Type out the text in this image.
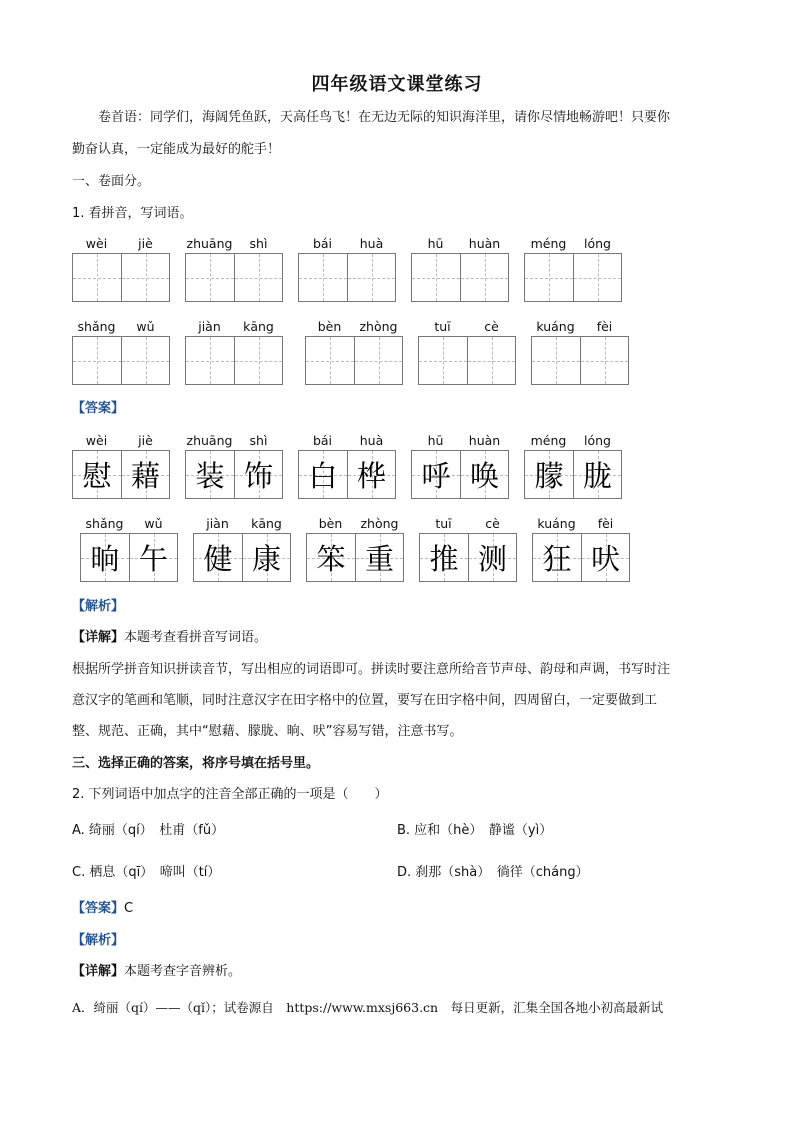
四年级语文课堂练习
卷首语：同学们，海阔凭鱼跃，天高任鸟飞！在无边无际的知识海洋里，请你尽情地畅游吧！只要你
勤奋认真，一定能成为最好的舵手！
一、卷面分。
1. 看拼音，写词语。
wèi	jiè	zhuāng	shì	bái	huà	hū	huàn	méng	lóng
shǎng	wǔ	jiàn	kāng	bèn	zhòng	tuī	cè	kuáng	fèi
【答案】
wèi	jiè
慰 藉
zhuāng	shì
装 饰
bái	huà
白 桦
hū	huàn
呼 唤
méng	lóng
朦 胧
shǎng	wǔ
晌 午
jiàn	kāng
健 康
bèn	zhòng
笨 重
tuī	cè
推 测
kuáng	fèi
狂 吠
【解析】
【详解】本题考查看拼音写词语。
根据所学拼音知识拼读音节，写出相应的词语即可。拼读时要注意所给音节声母、韵母和声调，书写时注
意汉字的笔画和笔顺，同时注意汉字在田字格中的位置，要写在田字格中间，四周留白，一定要做到工
整、规范、正确，其中“慰藉、朦胧、晌、吠”容易写错，注意书写。
三、选择正确的答案，将序号填在括号里。
2. 下列词语中加点字的注音全部正确的一项是（　　）
A. 绮丽（qí）　杜甫（fǔ）	B. 应和（hè）　静谧（yì）
C. 栖息（qī）　啼叫（tí）	D. 刹那（shà）　徜徉（cháng）
【答案】C
【解析】
【详解】本题考查字音辨析。
A．绮丽（qí）——（qǐ）；试卷源自　https://www.mxsj663.cn　每日更新，汇集全国各地小初高最新试
